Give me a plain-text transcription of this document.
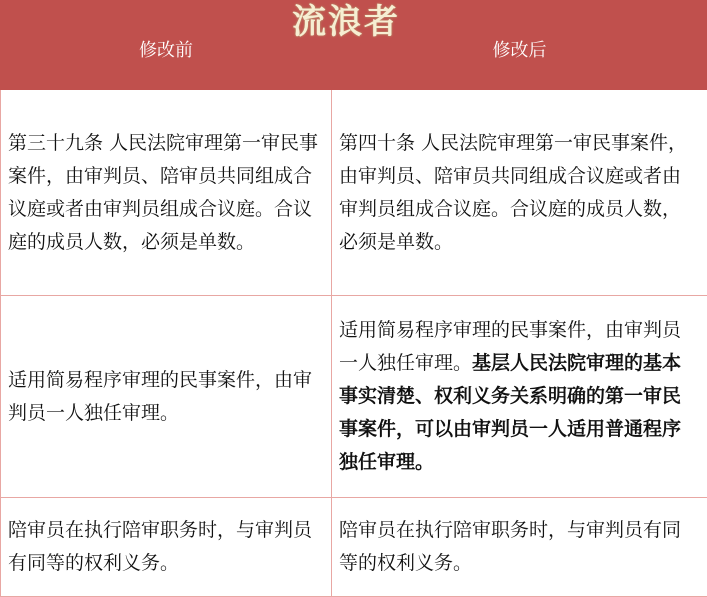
修改前	修改后
第三十九条 人民法院审理第一审民事案件，由审判员、陪审员共同组成合议庭或者由审判员组成合议庭。合议庭的成员人数，必须是单数。	第四十条 人民法院审理第一审民事案件，由审判员、陪审员共同组成合议庭或者由审判员组成合议庭。合议庭的成员人数，必须是单数。
适用简易程序审理的民事案件，由审判员一人独任审理。	适用简易程序审理的民事案件，由审判员一人独任审理。基层人民法院审理的基本事实清楚、权利义务关系明确的第一审民事案件，可以由审判员一人适用普通程序独任审理。
陪审员在执行陪审职务时，与审判员有同等的权利义务。	陪审员在执行陪审职务时，与审判员有同等的权利义务。
流浪者
